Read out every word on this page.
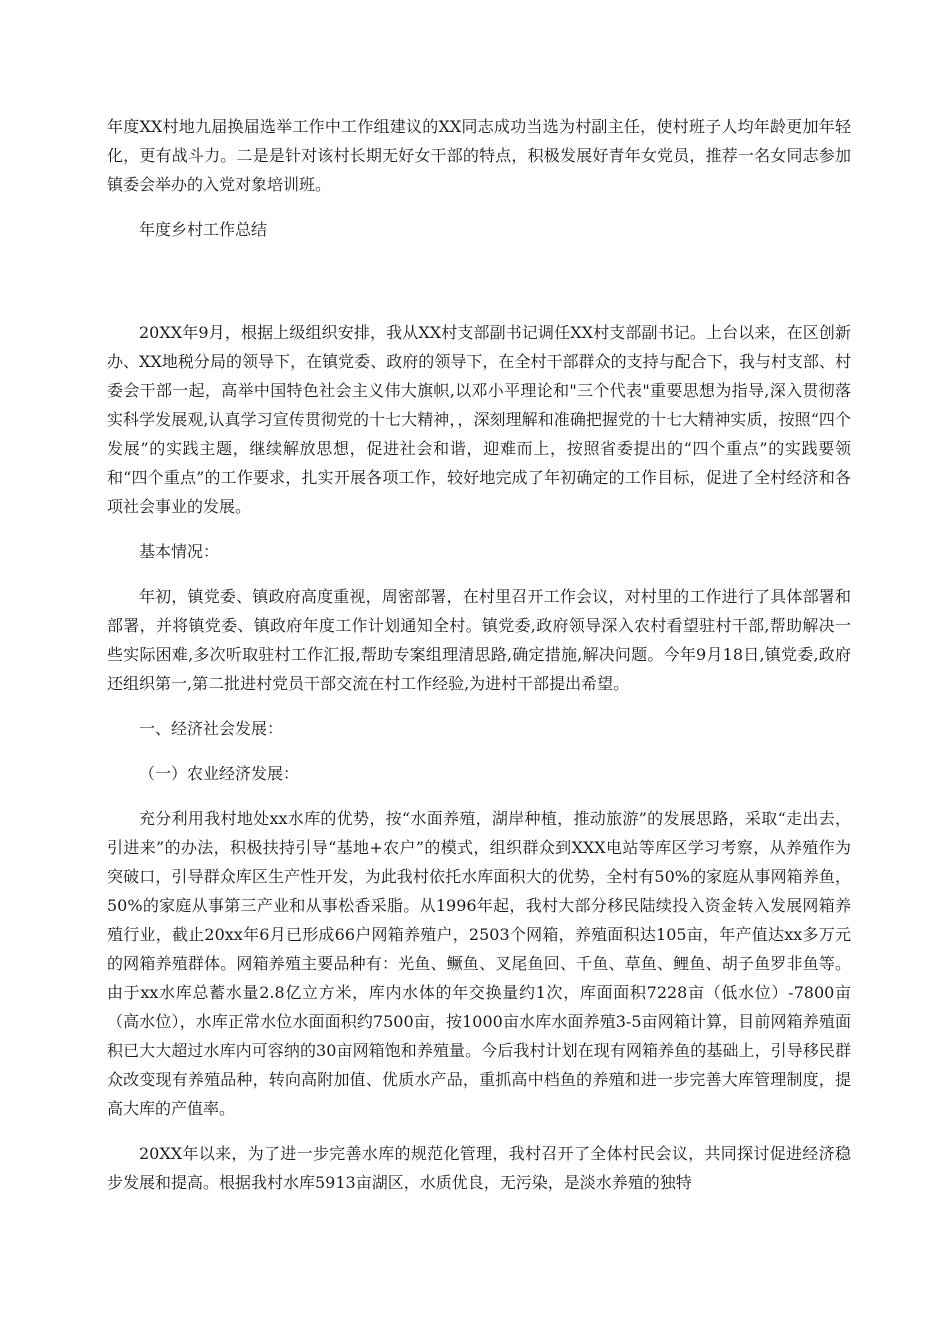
年度XX村地九届换届选举工作中工作组建议的XX同志成功当选为村副主任，使村班子人均年龄更加年轻化，更有战斗力。二是是针对该村长期无好女干部的特点，积极发展好青年女党员，推荐一名女同志参加镇委会举办的入党对象培训班。

年度乡村工作总结

20XX年9月，根据上级组织安排，我从XX村支部副书记调任XX村支部副书记。上台以来，在区创新办、XX地税分局的领导下，在镇党委、政府的领导下，在全村干部群众的支持与配合下，我与村支部、村委会干部一起，高举中国特色社会主义伟大旗帜,以邓小平理论和"三个代表"重要思想为指导,深入贯彻落实科学发展观,认真学习宣传贯彻党的十七大精神，，深刻理解和准确把握党的十七大精神实质，按照“四个发展”的实践主题，继续解放思想，促进社会和谐，迎难而上，按照省委提出的“四个重点”的实践要领和“四个重点”的工作要求，扎实开展各项工作，较好地完成了年初确定的工作目标，促进了全村经济和各项社会事业的发展。

基本情况：

年初，镇党委、镇政府高度重视，周密部署，在村里召开工作会议，对村里的工作进行了具体部署和部署，并将镇党委、镇政府年度工作计划通知全村。镇党委,政府领导深入农村看望驻村干部,帮助解决一些实际困难,多次听取驻村工作汇报,帮助专案组理清思路,确定措施,解决问题。今年9月18日,镇党委,政府还组织第一,第二批进村党员干部交流在村工作经验,为进村干部提出希望。

一、经济社会发展：

（一）农业经济发展：

充分利用我村地处xx水库的优势，按“水面养殖，湖岸种植，推动旅游”的发展思路，采取“走出去，引进来”的办法，积极扶持引导“基地+农户”的模式，组织群众到XXX电站等库区学习考察，从养殖作为突破口，引导群众库区生产性开发，为此我村依托水库面积大的优势，全村有50%的家庭从事网箱养鱼，50%的家庭从事第三产业和从事松香采脂。从1996年起，我村大部分移民陆续投入资金转入发展网箱养殖行业，截止20xx年6月已形成66户网箱养殖户，2503个网箱，养殖面积达105亩，年产值达xx多万元的网箱养殖群体。网箱养殖主要品种有：光鱼、鳜鱼、叉尾鱼回、千鱼、草鱼、鲤鱼、胡子鱼罗非鱼等。由于xx水库总蓄水量2.8亿立方米，库内水体的年交换量约1次，库面面积7228亩（低水位）-7800亩（高水位），水库正常水位水面面积约7500亩，按1000亩水库水面养殖3-5亩网箱计算，目前网箱养殖面积已大大超过水库内可容纳的30亩网箱饱和养殖量。今后我村计划在现有网箱养鱼的基础上，引导移民群众改变现有养殖品种，转向高附加值、优质水产品，重抓高中档鱼的养殖和进一步完善大库管理制度，提高大库的产值率。

20XX年以来，为了进一步完善水库的规范化管理，我村召开了全体村民会议，共同探讨促进经济稳步发展和提高。根据我村水库5913亩湖区，水质优良，无污染，是淡水养殖的独特
